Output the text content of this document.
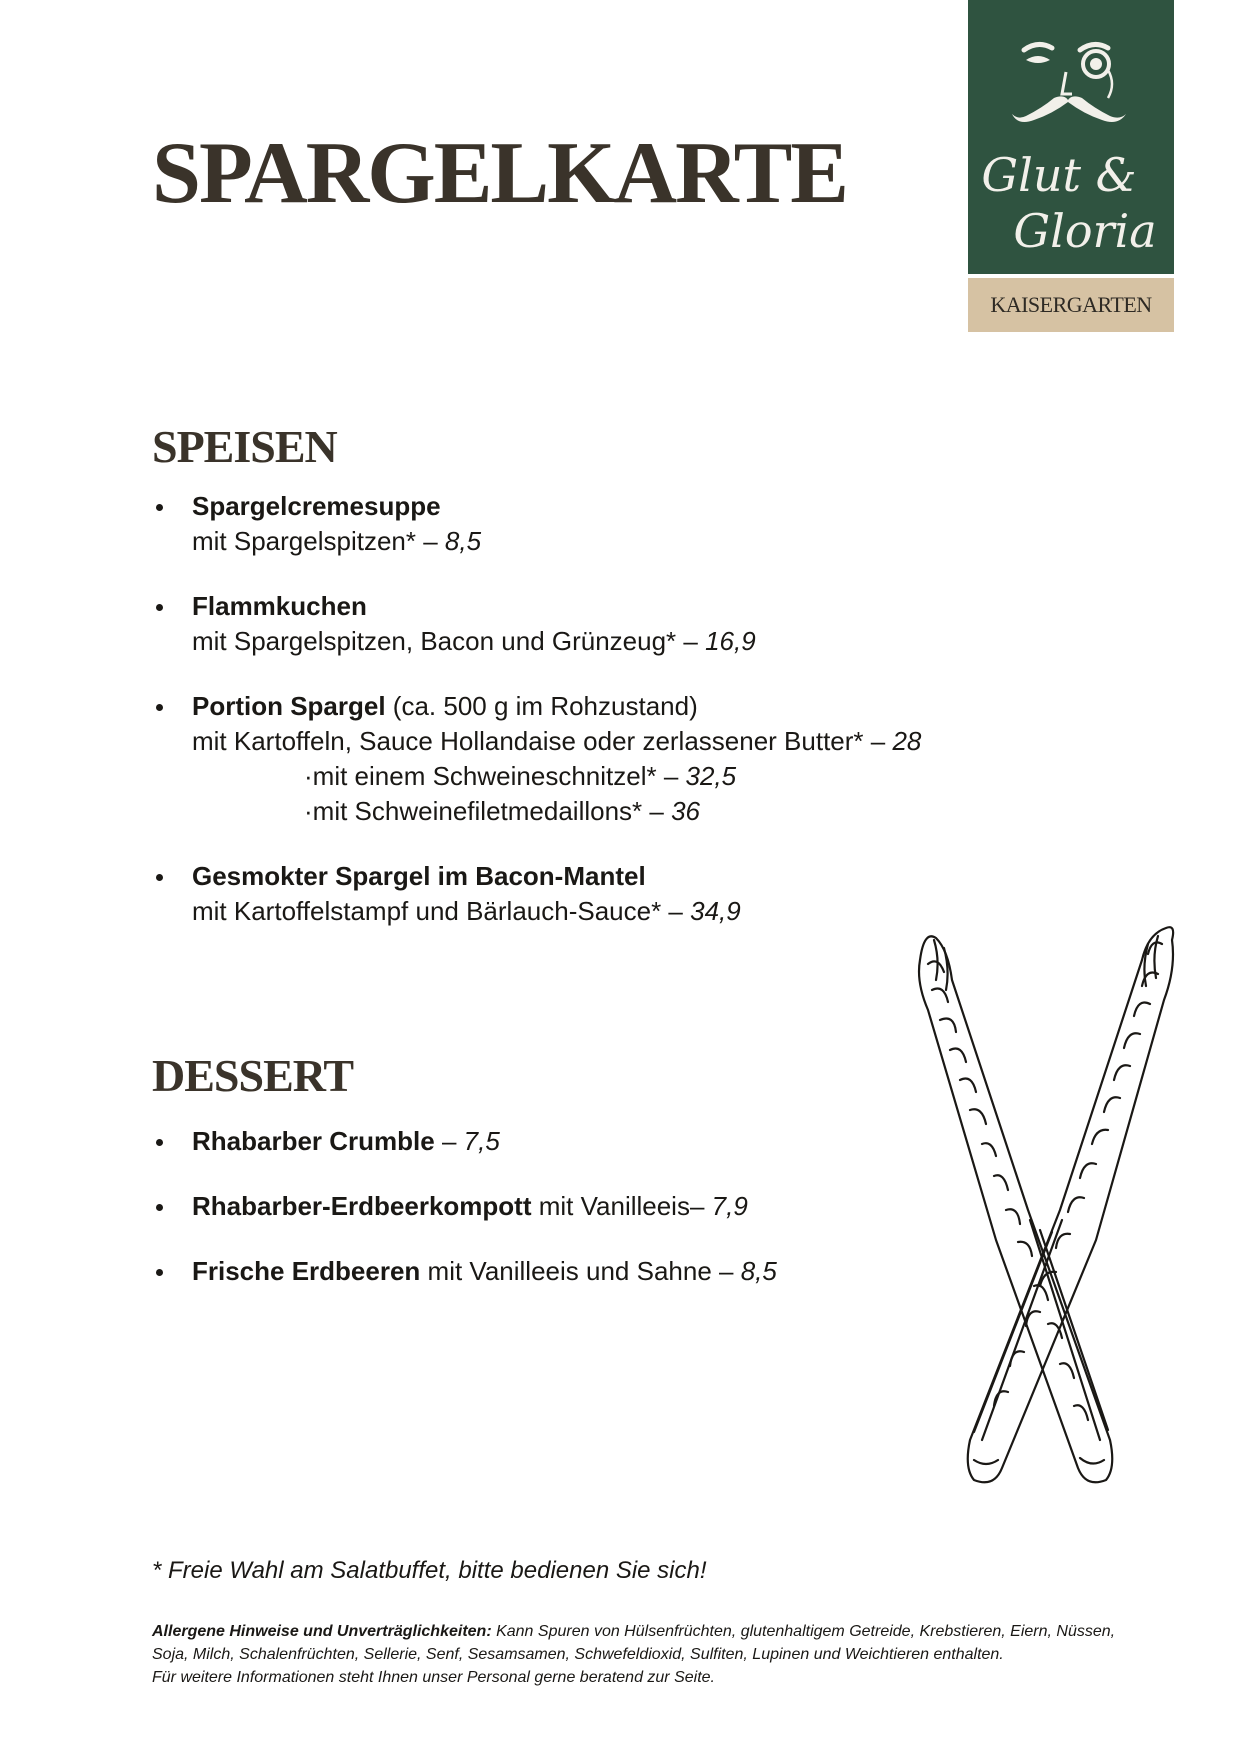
SPARGELKARTE	Glut &
Gloria
KAISERGARTEN
SPEISEN
Spargelcremesuppe
mit Spargelspitzen* – 8,5
Flammkuchen
mit Spargelspitzen, Bacon und Grünzeug* – 16,9
Portion Spargel (ca. 500 g im Rohzustand)
mit Kartoffeln, Sauce Hollandaise oder zerlassener Butter* – 28
· mit einem Schweineschnitzel* – 32,5
· mit Schweinefiletmedaillons* – 36
Gesmokter Spargel im Bacon-Mantel
mit Kartoffelstampf und Bärlauch-Sauce* – 34,9
DESSERT
Rhabarber Crumble – 7,5
Rhabarber-Erdbeerkompott mit Vanilleeis– 7,9
Frische Erdbeeren mit Vanilleeis und Sahne – 8,5

* Freie Wahl am Salatbuffet, bitte bedienen Sie sich!

Allergene Hinweise und Unverträglichkeiten: Kann Spuren von Hülsenfrüchten, glutenhaltigem Getreide, Krebstieren, Eiern, Nüssen, Soja, Milch, Schalenfrüchten, Sellerie, Senf, Sesamsamen, Schwefeldioxid, Sulfiten, Lupinen und Weichtieren enthalten.
Für weitere Informationen steht Ihnen unser Personal gerne beratend zur Seite.
